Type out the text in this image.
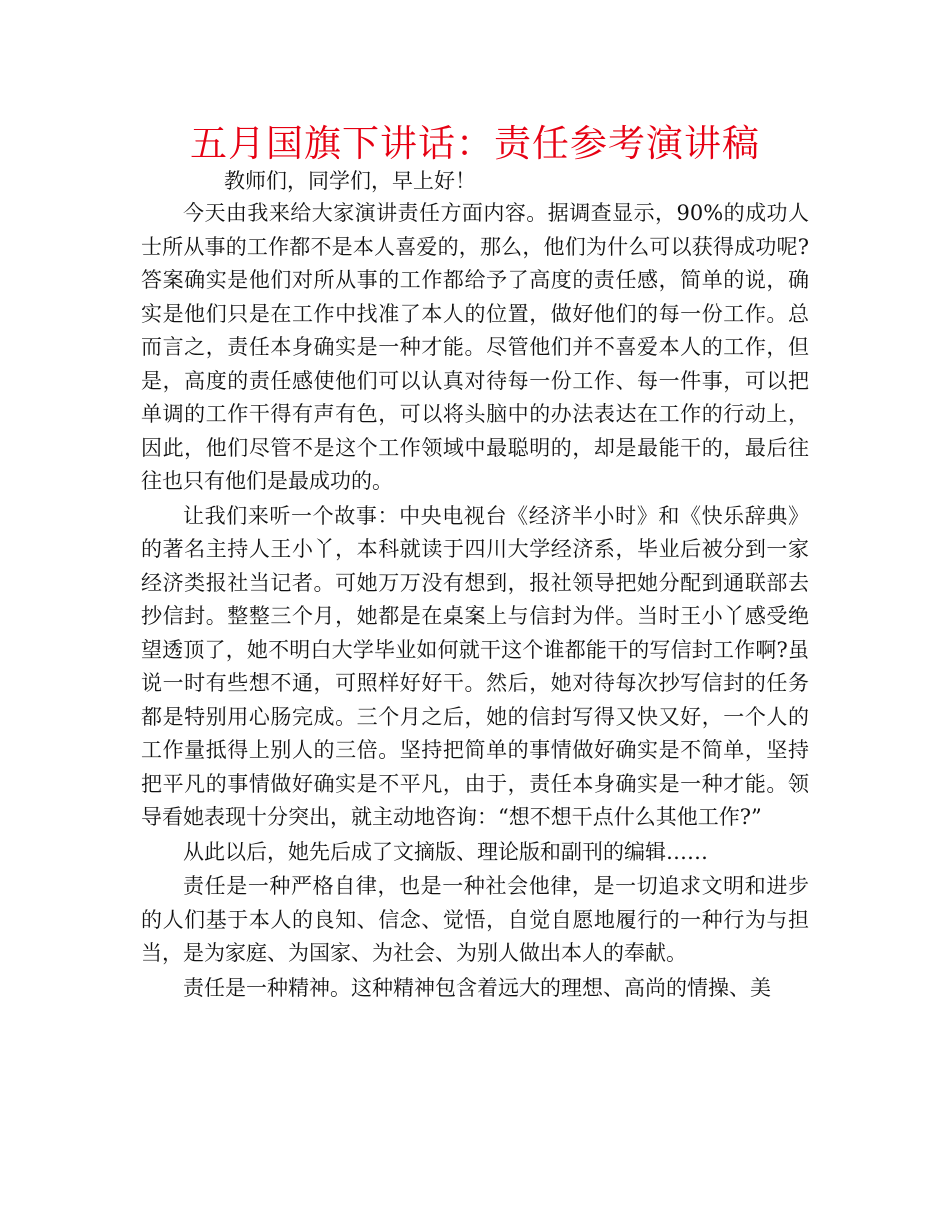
五月国旗下讲话：责任参考演讲稿

教师们，同学们，早上好！

今天由我来给大家演讲责任方面内容。据调查显示，90%的成功人士所从事的工作都不是本人喜爱的，那么，他们为什么可以获得成功呢?答案确实是他们对所从事的工作都给予了高度的责任感，简单的说，确实是他们只是在工作中找准了本人的位置，做好他们的每一份工作。总而言之，责任本身确实是一种才能。尽管他们并不喜爱本人的工作，但是，高度的责任感使他们可以认真对待每一份工作、每一件事，可以把单调的工作干得有声有色，可以将头脑中的办法表达在工作的行动上，因此，他们尽管不是这个工作领域中最聪明的，却是最能干的，最后往往也只有他们是最成功的。

让我们来听一个故事：中央电视台《经济半小时》和《快乐辞典》的著名主持人王小丫，本科就读于四川大学经济系，毕业后被分到一家经济类报社当记者。可她万万没有想到，报社领导把她分配到通联部去抄信封。整整三个月，她都是在桌案上与信封为伴。当时王小丫感受绝望透顶了，她不明白大学毕业如何就干这个谁都能干的写信封工作啊?虽说一时有些想不通，可照样好好干。然后，她对待每次抄写信封的任务都是特别用心肠完成。三个月之后，她的信封写得又快又好，一个人的工作量抵得上别人的三倍。坚持把简单的事情做好确实是不简单，坚持把平凡的事情做好确实是不平凡，由于，责任本身确实是一种才能。领导看她表现十分突出，就主动地咨询：“想不想干点什么其他工作?”

从此以后，她先后成了文摘版、理论版和副刊的编辑……

责任是一种严格自律，也是一种社会他律，是一切追求文明和进步的人们基于本人的良知、信念、觉悟，自觉自愿地履行的一种行为与担当，是为家庭、为国家、为社会、为别人做出本人的奉献。

责任是一种精神。这种精神包含着远大的理想、高尚的情操、美
